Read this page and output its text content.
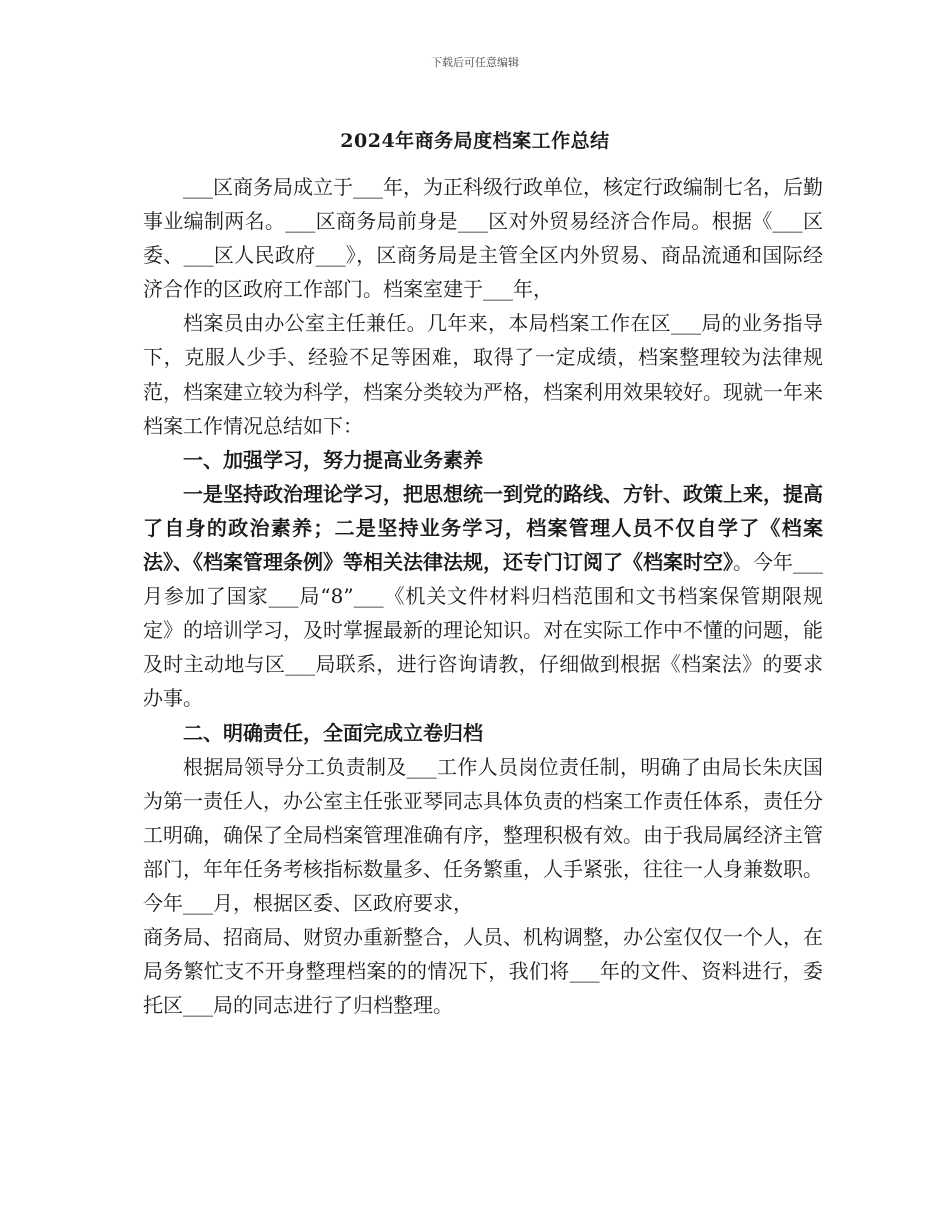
下载后可任意编辑
2024年商务局度档案工作总结

___区商务局成立于___年，为正科级行政单位，核定行政编制七名，后勤事业编制两名。___区商务局前身是___区对外贸易经济合作局。根据《___区委、___区人民政府___》，区商务局是主管全区内外贸易、商品流通和国际经济合作的区政府工作部门。档案室建于___年，

档案员由办公室主任兼任。几年来，本局档案工作在区___局的业务指导下，克服人少手、经验不足等困难，取得了一定成绩，档案整理较为法律规范，档案建立较为科学，档案分类较为严格，档案利用效果较好。现就一年来档案工作情况总结如下：

一、加强学习，努力提高业务素养

一是坚持政治理论学习，把思想统一到党的路线、方针、政策上来，提高了自身的政治素养；二是坚持业务学习，档案管理人员不仅自学了《档案法》、《档案管理条例》等相关法律法规，还专门订阅了《档案时空》。今年___月参加了国家___局“8”___《机关文件材料归档范围和文书档案保管期限规定》的培训学习，及时掌握最新的理论知识。对在实际工作中不懂的问题，能及时主动地与区___局联系，进行咨询请教，仔细做到根据《档案法》的要求办事。

二、明确责任，全面完成立卷归档

根据局领导分工负责制及___工作人员岗位责任制，明确了由局长朱庆国为第一责任人，办公室主任张亚琴同志具体负责的档案工作责任体系，责任分工明确，确保了全局档案管理准确有序，整理积极有效。由于我局属经济主管部门，年年任务考核指标数量多、任务繁重，人手紧张，往往一人身兼数职。今年___月，根据区委、区政府要求，

商务局、招商局、财贸办重新整合，人员、机构调整，办公室仅仅一个人，在局务繁忙支不开身整理档案的的情况下，我们将___年的文件、资料进行，委托区___局的同志进行了归档整理。
